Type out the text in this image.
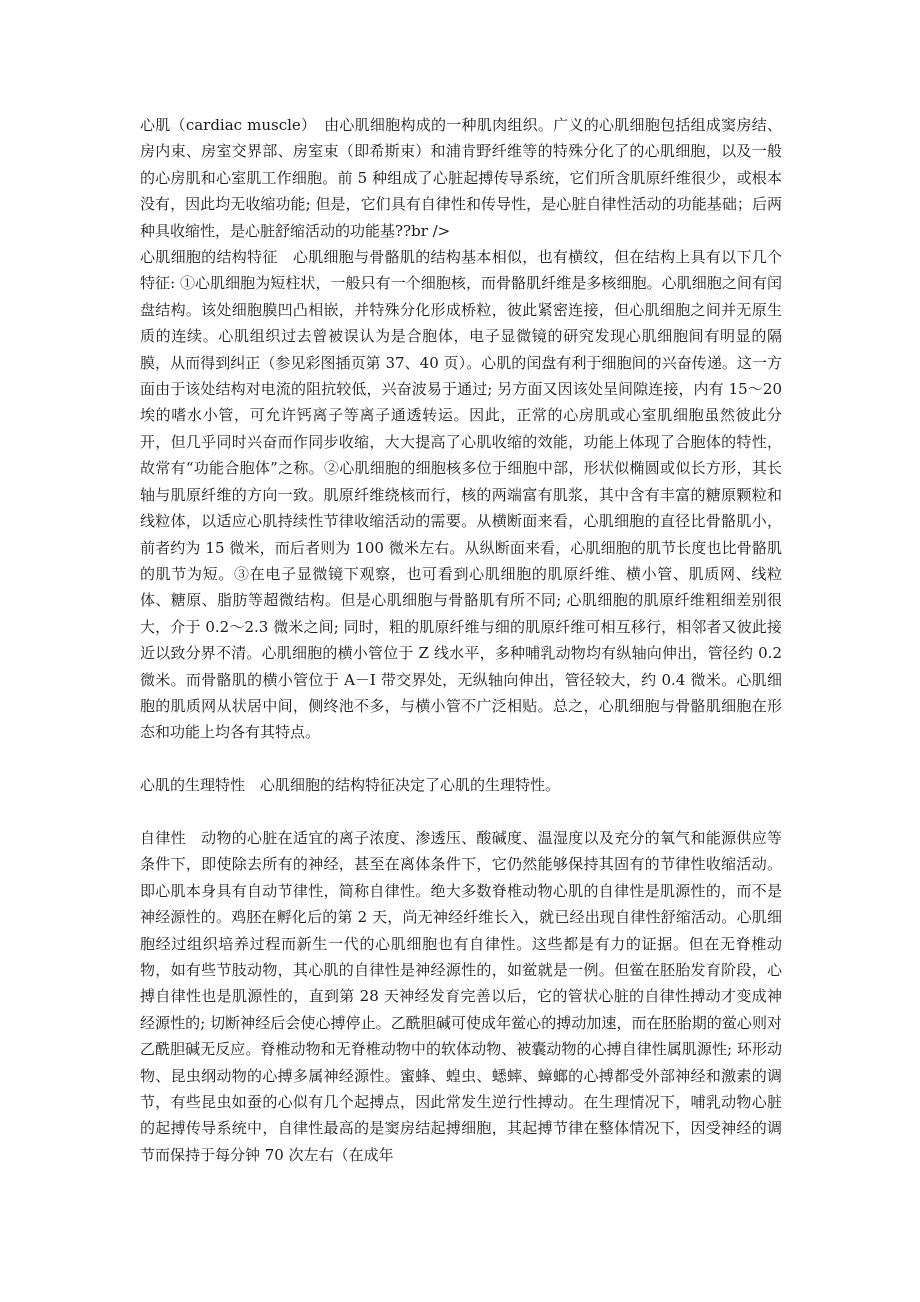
心肌（cardiac muscle）　由心肌细胞构成的一种肌肉组织。广义的心肌细胞包括组成窦房结、房内束、房室交界部、房室束（即希斯束）和浦肯野纤维等的特殊分化了的心肌细胞，以及一般的心房肌和心室肌工作细胞。前 5 种组成了心脏起搏传导系统，它们所含肌原纤维很少，或根本没有，因此均无收缩功能; 但是，它们具有自律性和传导性，是心脏自律性活动的功能基础；后两种具收缩性，是心脏舒缩活动的功能基??br />

心肌细胞的结构特征　心肌细胞与骨骼肌的结构基本相似，也有横纹，但在结构上具有以下几个特征: ①心肌细胞为短柱状，一般只有一个细胞核，而骨骼肌纤维是多核细胞。心肌细胞之间有闰盘结构。该处细胞膜凹凸相嵌，并特殊分化形成桥粒，彼此紧密连接，但心肌细胞之间并无原生质的连续。心肌组织过去曾被误认为是合胞体，电子显微镜的研究发现心肌细胞间有明显的隔膜，从而得到纠正（参见彩图插页第 37、40 页）。心肌的闰盘有利于细胞间的兴奋传递。这一方面由于该处结构对电流的阻抗较低，兴奋波易于通过; 另方面又因该处呈间隙连接，内有 15～20 埃的嗜水小管，可允许钙离子等离子通透转运。因此，正常的心房肌或心室肌细胞虽然彼此分开，但几乎同时兴奋而作同步收缩，大大提高了心肌收缩的效能，功能上体现了合胞体的特性，故常有“功能合胞体”之称。②心肌细胞的细胞核多位于细胞中部，形状似椭圆或似长方形，其长轴与肌原纤维的方向一致。肌原纤维绕核而行，核的两端富有肌浆，其中含有丰富的糖原颗粒和线粒体，以适应心肌持续性节律收缩活动的需要。从横断面来看，心肌细胞的直径比骨骼肌小，前者约为 15 微米，而后者则为 100 微米左右。从纵断面来看，心肌细胞的肌节长度也比骨骼肌的肌节为短。③在电子显微镜下观察，也可看到心肌细胞的肌原纤维、横小管、肌质网、线粒体、糖原、脂肪等超微结构。但是心肌细胞与骨骼肌有所不同; 心肌细胞的肌原纤维粗细差别很大，介于 0.2～2.3 微米之间; 同时，粗的肌原纤维与细的肌原纤维可相互移行，相邻者又彼此接近以致分界不清。心肌细胞的横小管位于 Z 线水平，多种哺乳动物均有纵轴向伸出，管径约 0.2 微米。而骨骼肌的横小管位于 A－I 带交界处，无纵轴向伸出，管径较大，约 0.4 微米。心肌细胞的肌质网从状居中间，侧终池不多，与横小管不广泛相贴。总之，心肌细胞与骨骼肌细胞在形态和功能上均各有其特点。

心肌的生理特性　心肌细胞的结构特征决定了心肌的生理特性。

自律性　动物的心脏在适宜的离子浓度、渗透压、酸碱度、温湿度以及充分的氧气和能源供应等条件下，即使除去所有的神经，甚至在离体条件下，它仍然能够保持其固有的节律性收缩活动。即心肌本身具有自动节律性，简称自律性。绝大多数脊椎动物心肌的自律性是肌源性的，而不是神经源性的。鸡胚在孵化后的第 2 天，尚无神经纤维长入，就已经出现自律性舒缩活动。心肌细胞经过组织培养过程而新生一代的心肌细胞也有自律性。这些都是有力的证据。但在无脊椎动物，如有些节肢动物，其心肌的自律性是神经源性的，如鲎就是一例。但鲎在胚胎发育阶段，心搏自律性也是肌源性的，直到第 28 天神经发育完善以后，它的管状心脏的自律性搏动才变成神经源性的; 切断神经后会使心搏停止。乙酰胆碱可使成年鲎心的搏动加速，而在胚胎期的鲎心则对乙酰胆碱无反应。脊椎动物和无脊椎动物中的软体动物、被囊动物的心搏自律性属肌源性; 环形动物、昆虫纲动物的心搏多属神经源性。蜜蜂、蝗虫、蟋蟀、蟑螂的心搏都受外部神经和激素的调节，有些昆虫如蚕的心似有几个起搏点，因此常发生逆行性搏动。在生理情况下，哺乳动物心脏的起搏传导系统中，自律性最高的是窦房结起搏细胞，其起搏节律在整体情况下，因受神经的调节而保持于每分钟 70 次左右（在成年
